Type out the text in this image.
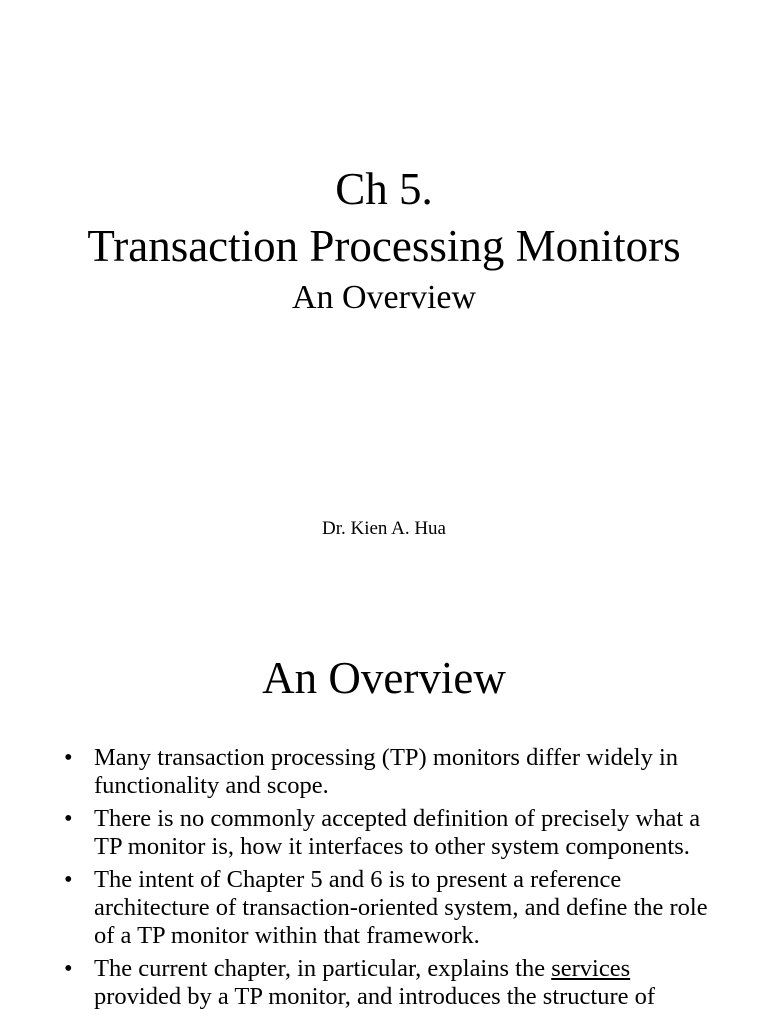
Ch 5.
Transaction Processing Monitors
An Overview
Dr. Kien A. Hua
An Overview
• Many transaction processing (TP) monitors differ widely in functionality and scope.
• There is no commonly accepted definition of precisely what a TP monitor is, how it interfaces to other system components.
• The intent of Chapter 5 and 6 is to present a reference architecture of transaction-oriented system, and define the role of a TP monitor within that framework.
• The current chapter, in particular, explains the services provided by a TP monitor, and introduces the structure of
